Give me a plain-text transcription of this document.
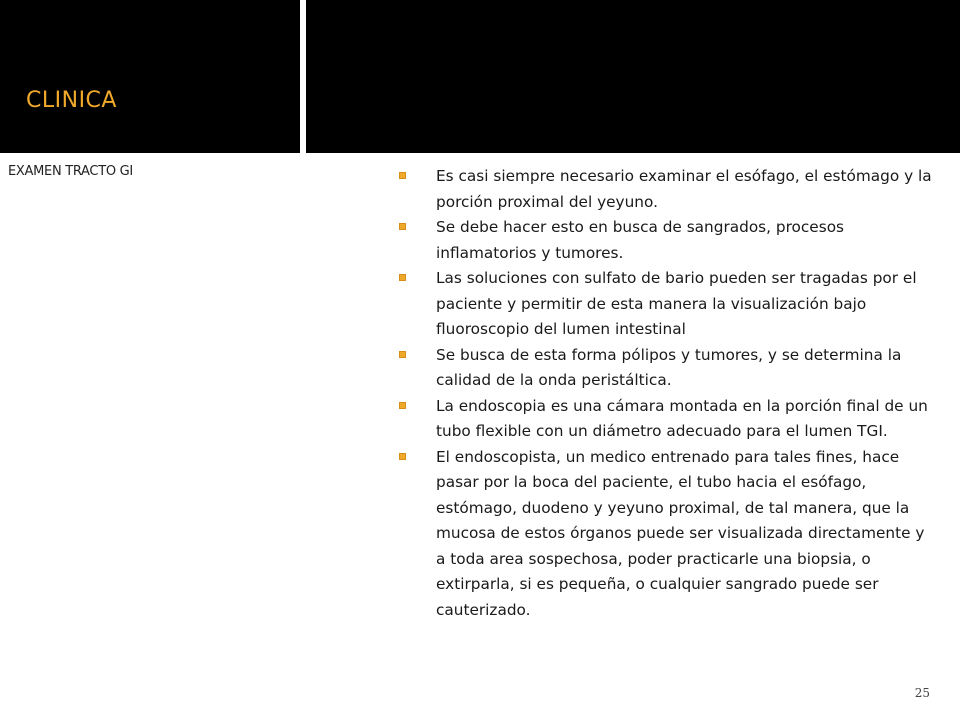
CLINICA
EXAMEN TRACTO GI	Es casi siempre necesario examinar el esófago, el estómago y la porción proximal del yeyuno.
Se debe hacer esto en busca de sangrados, procesos inflamatorios y tumores.
Las soluciones con sulfato de bario pueden ser tragadas por el paciente y permitir de esta manera la visualización bajo fluoroscopio del lumen intestinal
Se busca de esta forma pólipos y tumores, y se determina la calidad de la onda peristáltica.
La endoscopia es una cámara montada en la porción final de un tubo flexible con un diámetro adecuado para el lumen TGI.
El endoscopista, un medico entrenado para tales fines, hace pasar por la boca del paciente, el tubo hacia el esófago, estómago, duodeno y yeyuno proximal, de tal manera, que la mucosa de estos órganos puede ser visualizada directamente y a toda area sospechosa, poder practicarle una biopsia, o extirparla, si es pequeña, o cualquier sangrado puede ser cauterizado.
25
